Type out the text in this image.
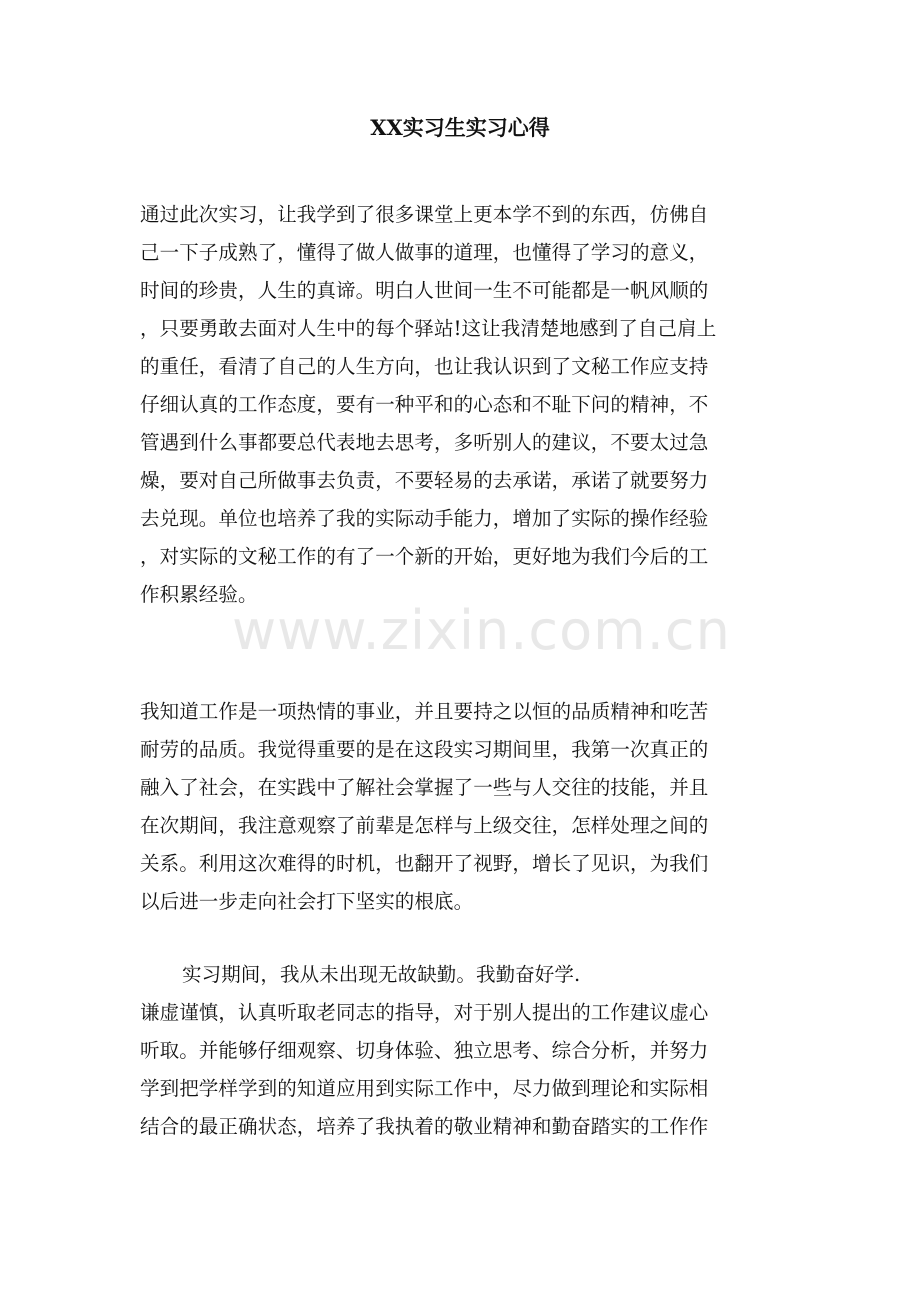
XX实习生实习心得
通过此次实习，让我学到了很多课堂上更本学不到的东西，仿佛自
己一下子成熟了，懂得了做人做事的道理，也懂得了学习的意义，
时间的珍贵，人生的真谛。明白人世间一生不可能都是一帆风顺的
，只要勇敢去面对人生中的每个驿站!这让我清楚地感到了自己肩上
的重任，看清了自己的人生方向，也让我认识到了文秘工作应支持
仔细认真的工作态度，要有一种平和的心态和不耻下问的精神，不
管遇到什么事都要总代表地去思考，多听别人的建议，不要太过急
燥，要对自己所做事去负责，不要轻易的去承诺，承诺了就要努力
去兑现。单位也培养了我的实际动手能力，增加了实际的操作经验
，对实际的文秘工作的有了一个新的开始，更好地为我们今后的工
作积累经验。
www.zixin.com.cn
我知道工作是一项热情的事业，并且要持之以恒的品质精神和吃苦
耐劳的品质。我觉得重要的是在这段实习期间里，我第一次真正的
融入了社会，在实践中了解社会掌握了一些与人交往的技能，并且
在次期间，我注意观察了前辈是怎样与上级交往，怎样处理之间的
关系。利用这次难得的时机，也翻开了视野，增长了见识，为我们
以后进一步走向社会打下坚实的根底。
实习期间，我从未出现无故缺勤。我勤奋好学.
谦虚谨慎，认真听取老同志的指导，对于别人提出的工作建议虚心
听取。并能够仔细观察、切身体验、独立思考、综合分析，并努力
学到把学样学到的知道应用到实际工作中，尽力做到理论和实际相
结合的最正确状态，培养了我执着的敬业精神和勤奋踏实的工作作
